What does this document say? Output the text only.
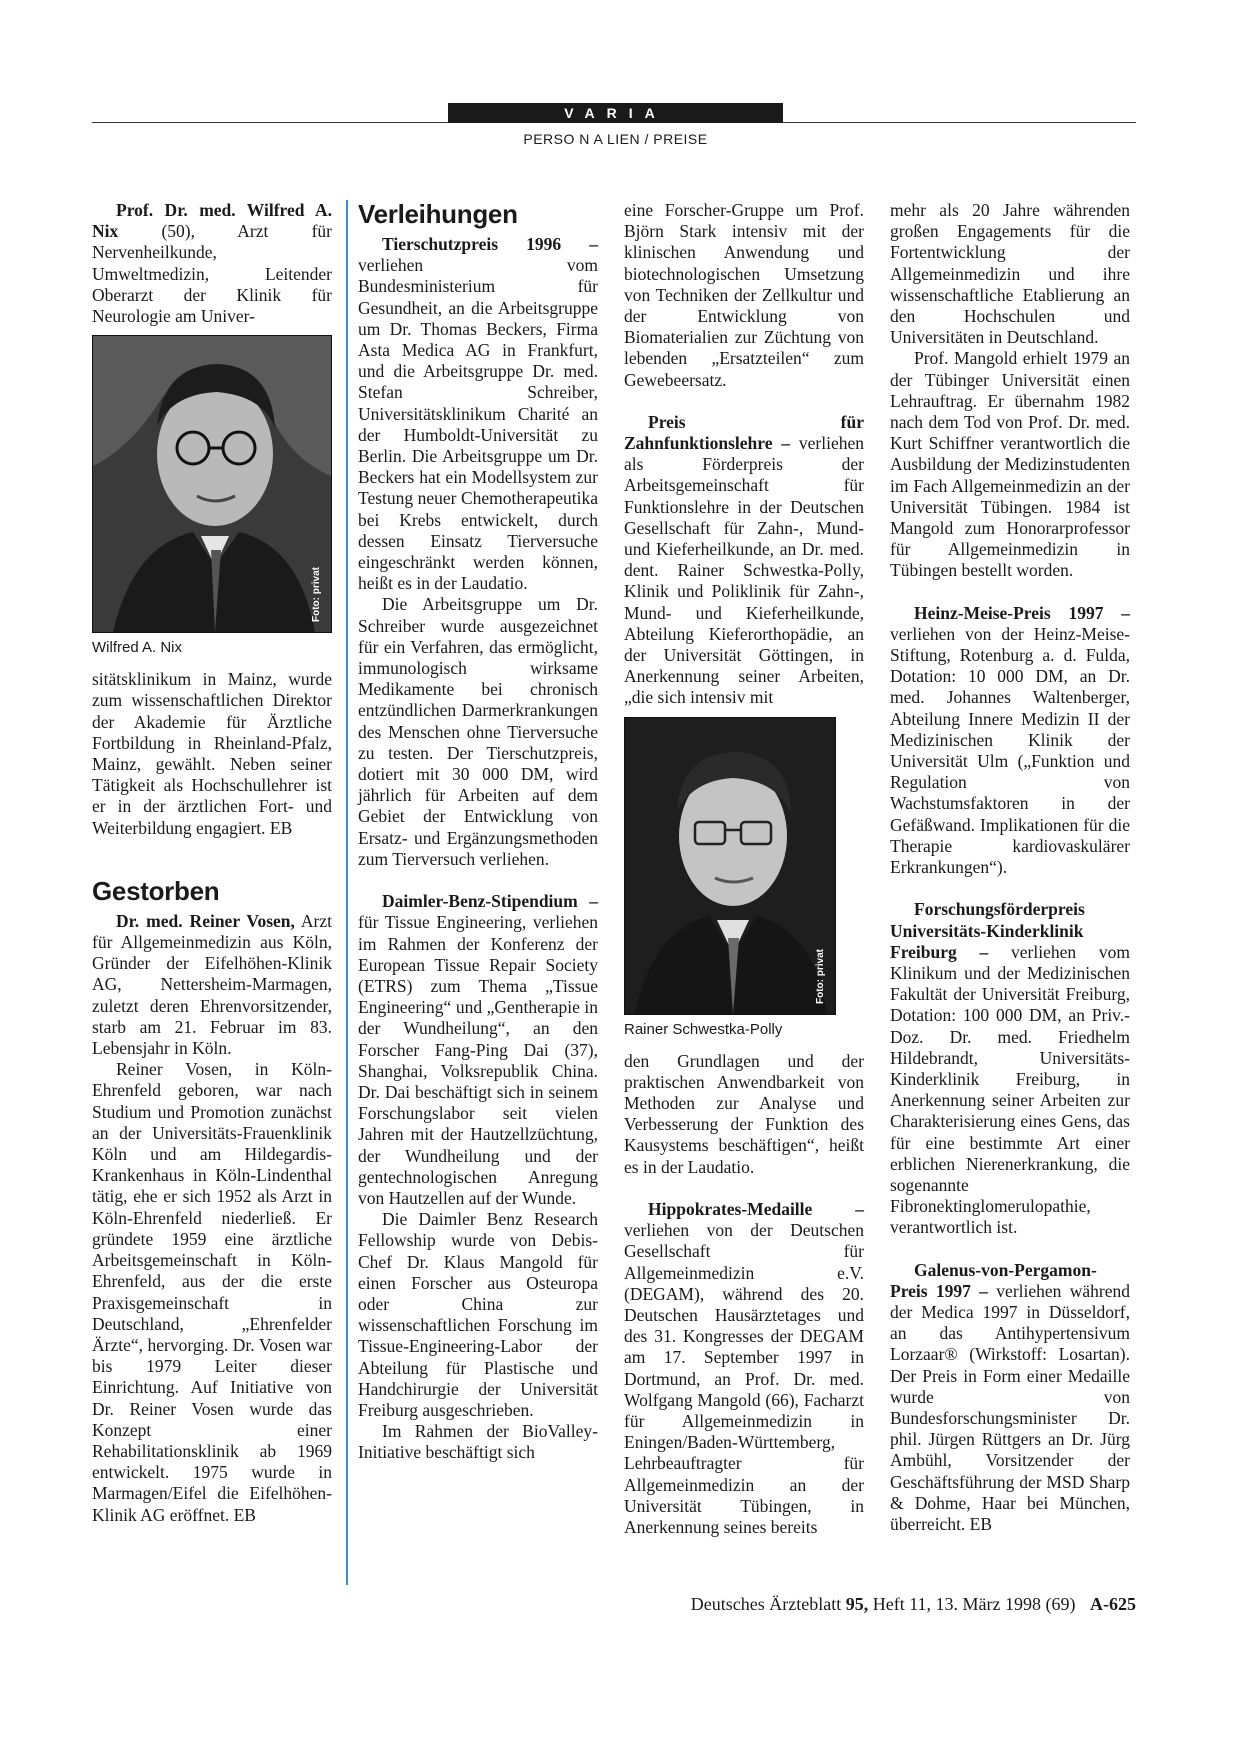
VARIA
PERSO N A LIEN / PREISE

Prof. Dr. med. Wilfred A. Nix (50), Arzt für Nervenheilkunde, Umweltmedizin, Leitender Oberarzt der Klinik für Neurologie am Univer-

Foto: privat
Wilfred A. Nix

sitätsklinikum in Mainz, wurde zum wissenschaftlichen Direktor der Akademie für Ärztliche Fortbildung in Rheinland-Pfalz, Mainz, gewählt. Neben seiner Tätigkeit als Hochschullehrer ist er in der ärztlichen Fort- und Weiterbildung engagiert. EB

Gestorben

Dr. med. Reiner Vosen, Arzt für Allgemeinmedizin aus Köln, Gründer der Eifelhöhen-Klinik AG, Nettersheim-Marmagen, zuletzt deren Ehrenvorsitzender, starb am 21. Februar im 83. Lebensjahr in Köln.

Reiner Vosen, in Köln-Ehrenfeld geboren, war nach Studium und Promotion zunächst an der Universitäts-Frauenklinik Köln und am Hildegardis-Krankenhaus in Köln-Lindenthal tätig, ehe er sich 1952 als Arzt in Köln-Ehrenfeld niederließ. Er gründete 1959 eine ärztliche Arbeitsgemeinschaft in Köln-Ehrenfeld, aus der die erste Praxisgemeinschaft in Deutschland, „Ehrenfelder Ärzte“, hervorging. Dr. Vosen war bis 1979 Leiter dieser Einrichtung. Auf Initiative von Dr. Reiner Vosen wurde das Konzept einer Rehabilitationsklinik ab 1969 entwickelt. 1975 wurde in Marmagen/Eifel die Eifelhöhen-Klinik AG eröffnet. EB

Verleihungen

Tierschutzpreis 1996 – verliehen vom Bundesministerium für Gesundheit, an die Arbeitsgruppe um Dr. Thomas Beckers, Firma Asta Medica AG in Frankfurt, und die Arbeitsgruppe Dr. med. Stefan Schreiber, Universitätsklinikum Charité an der Humboldt-Universität zu Berlin. Die Arbeitsgruppe um Dr. Beckers hat ein Modellsystem zur Testung neuer Chemotherapeutika bei Krebs entwickelt, durch dessen Einsatz Tierversuche eingeschränkt werden können, heißt es in der Laudatio.

Die Arbeitsgruppe um Dr. Schreiber wurde ausgezeichnet für ein Verfahren, das ermöglicht, immunologisch wirksame Medikamente bei chronisch entzündlichen Darmerkrankungen des Menschen ohne Tierversuche zu testen. Der Tierschutzpreis, dotiert mit 30 000 DM, wird jährlich für Arbeiten auf dem Gebiet der Entwicklung von Ersatz- und Ergänzungsmethoden zum Tierversuch verliehen.

Daimler-Benz-Stipendium – für Tissue Engineering, verliehen im Rahmen der Konferenz der European Tissue Repair Society (ETRS) zum Thema „Tissue Engineering“ und „Gentherapie in der Wundheilung“, an den Forscher Fang-Ping Dai (37), Shanghai, Volksrepublik China. Dr. Dai beschäftigt sich in seinem Forschungslabor seit vielen Jahren mit der Hautzellzüchtung, der Wundheilung und der gentechnologischen Anregung von Hautzellen auf der Wunde.

Die Daimler Benz Research Fellowship wurde von Debis-Chef Dr. Klaus Mangold für einen Forscher aus Osteuropa oder China zur wissenschaftlichen Forschung im Tissue-Engineering-Labor der Abteilung für Plastische und Handchirurgie der Universität Freiburg ausgeschrieben.

Im Rahmen der BioValley-Initiative beschäftigt sich

eine Forscher-Gruppe um Prof. Björn Stark intensiv mit der klinischen Anwendung und biotechnologischen Umsetzung von Techniken der Zellkultur und der Entwicklung von Biomaterialien zur Züchtung von lebenden „Ersatzteilen“ zum Gewebeersatz.

Preis für Zahnfunktionslehre – verliehen als Förderpreis der Arbeitsgemeinschaft für Funktionslehre in der Deutschen Gesellschaft für Zahn-, Mund- und Kieferheilkunde, an Dr. med. dent. Rainer Schwestka-Polly, Klinik und Poliklinik für Zahn-, Mund- und Kieferheilkunde, Abteilung Kieferorthopädie, an der Universität Göttingen, in Anerkennung seiner Arbeiten, „die sich intensiv mit

Foto: privat
Rainer Schwestka-Polly

den Grundlagen und der praktischen Anwendbarkeit von Methoden zur Analyse und Verbesserung der Funktion des Kausystems beschäftigen“, heißt es in der Laudatio.

Hippokrates-Medaille – verliehen von der Deutschen Gesellschaft für Allgemeinmedizin e.V. (DEGAM), während des 20. Deutschen Hausärztetages und des 31. Kongresses der DEGAM am 17. September 1997 in Dortmund, an Prof. Dr. med. Wolfgang Mangold (66), Facharzt für Allgemeinmedizin in Eningen/Baden-Württemberg, Lehrbeauftragter für Allgemeinmedizin an der Universität Tübingen, in Anerkennung seines bereits

mehr als 20 Jahre währenden großen Engagements für die Fortentwicklung der Allgemeinmedizin und ihre wissenschaftliche Etablierung an den Hochschulen und Universitäten in Deutschland.

Prof. Mangold erhielt 1979 an der Tübinger Universität einen Lehrauftrag. Er übernahm 1982 nach dem Tod von Prof. Dr. med. Kurt Schiffner verantwortlich die Ausbildung der Medizinstudenten im Fach Allgemeinmedizin an der Universität Tübingen. 1984 ist Mangold zum Honorarprofessor für Allgemeinmedizin in Tübingen bestellt worden.

Heinz-Meise-Preis 1997 – verliehen von der Heinz-Meise-Stiftung, Rotenburg a. d. Fulda, Dotation: 10 000 DM, an Dr. med. Johannes Waltenberger, Abteilung Innere Medizin II der Medizinischen Klinik der Universität Ulm („Funktion und Regulation von Wachstumsfaktoren in der Gefäßwand. Implikationen für die Therapie kardiovaskulärer Erkrankungen“).

Forschungsförderpreis Universitäts-Kinderklinik Freiburg – verliehen vom Klinikum und der Medizinischen Fakultät der Universität Freiburg, Dotation: 100 000 DM, an Priv.-Doz. Dr. med. Friedhelm Hildebrandt, Universitäts-Kinderklinik Freiburg, in Anerkennung seiner Arbeiten zur Charakterisierung eines Gens, das für eine bestimmte Art einer erblichen Nierenerkrankung, die sogenannte Fibronektinglomerulopathie, verantwortlich ist.

Galenus-von-Pergamon-Preis 1997 – verliehen während der Medica 1997 in Düsseldorf, an das Antihypertensivum Lorzaar® (Wirkstoff: Losartan). Der Preis in Form einer Medaille wurde von Bundesforschungsminister Dr. phil. Jürgen Rüttgers an Dr. Jürg Ambühl, Vorsitzender der Geschäftsführung der MSD Sharp & Dohme, Haar bei München, überreicht. EB

Deutsches Ärzteblatt 95, Heft 11, 13. März 1998 (69) A-625
